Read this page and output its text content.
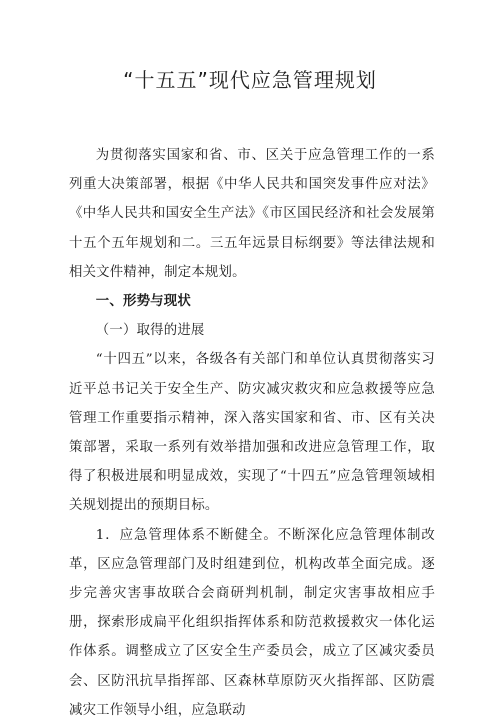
“十五五”现代应急管理规划

为贯彻落实国家和省、市、区关于应急管理工作的一系列重大决策部署，根据《中华人民共和国突发事件应对法》《中华人民共和国安全生产法》《市区国民经济和社会发展第十五个五年规划和二。三五年远景目标纲要》等法律法规和相关文件精神，制定本规划。

一、形势与现状

（一）取得的进展

“十四五”以来，各级各有关部门和单位认真贯彻落实习近平总书记关于安全生产、防灾减灾救灾和应急救援等应急管理工作重要指示精神，深入落实国家和省、市、区有关决策部署，采取一系列有效举措加强和改进应急管理工作，取得了积极进展和明显成效，实现了“十四五”应急管理领域相关规划提出的预期目标。

1．应急管理体系不断健全。不断深化应急管理体制改革，区应急管理部门及时组建到位，机构改革全面完成。逐步完善灾害事故联合会商研判机制，制定灾害事故相应手册，探索形成扁平化组织指挥体系和防范救援救灾一体化运作体系。调整成立了区安全生产委员会，成立了区减灾委员会、区防汛抗旱指挥部、区森林草原防灭火指挥部、区防震减灾工作领导小组，应急联动
